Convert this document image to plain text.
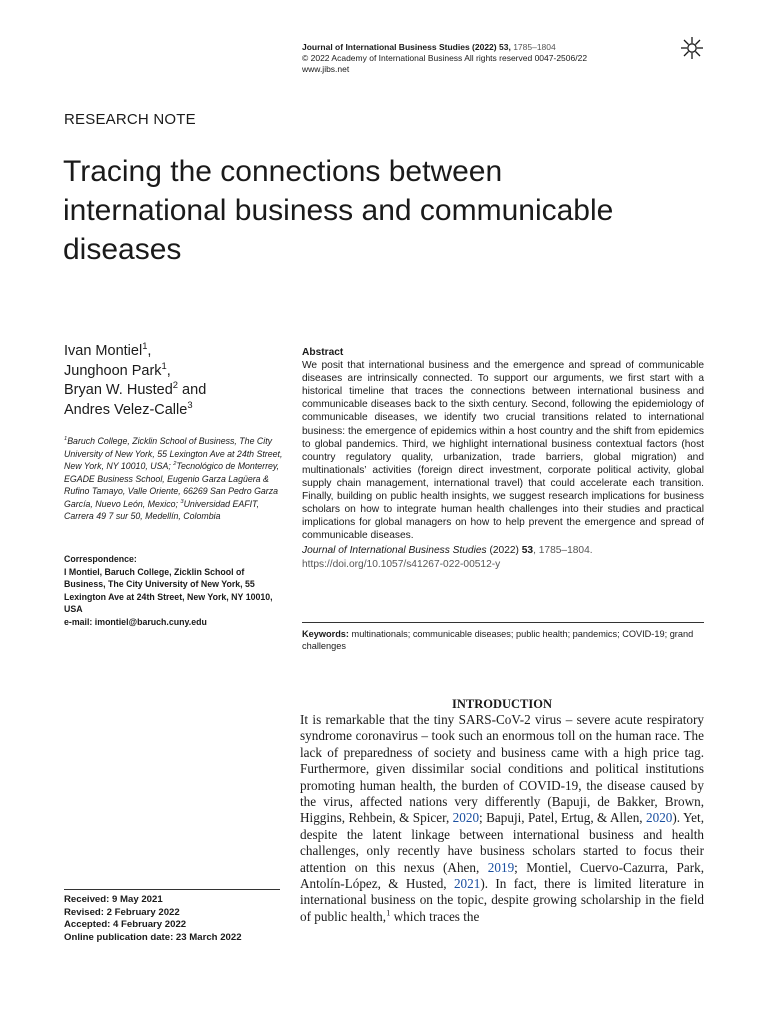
Journal of International Business Studies (2022) 53, 1785–1804
© 2022 Academy of International Business All rights reserved 0047-2506/22
www.jibs.net
RESEARCH NOTE
Tracing the connections between international business and communicable diseases
Ivan Montiel$^1$,
Junghoon Park$^1$,
Bryan W. Husted$^2$ and
Andres Velez-Calle$^3$
$^1$Baruch College, Zicklin School of Business, The City University of New York, 55 Lexington Ave at 24th Street, New York, NY 10010, USA; $^2$Tecnológico de Monterrey, EGADE Business School, Eugenio Garza Lagüera & Rufino Tamayo, Valle Oriente, 66269 San Pedro Garza García, Nuevo León, Mexico; $^3$Universidad EAFIT, Carrera 49 7 sur 50, Medellín, Colombia
Correspondence:
I Montiel, Baruch College, Zicklin School of Business, The City University of New York, 55 Lexington Ave at 24th Street, New York, NY 10010, USA
e-mail: imontiel@baruch.cuny.edu
Abstract

We posit that international business and the emergence and spread of communicable diseases are intrinsically connected. To support our arguments, we first start with a historical timeline that traces the connections between international business and communicable diseases back to the sixth century. Second, following the epidemiology of communicable diseases, we identify two crucial transitions related to international business: the emergence of epidemics within a host country and the shift from epidemics to global pandemics. Third, we highlight international business contextual factors (host country regulatory quality, urbanization, trade barriers, global migration) and multinationals’ activities (foreign direct investment, corporate political activity, global supply chain management, international travel) that could accelerate each transition. Finally, building on public health insights, we suggest research implications for business scholars on how to integrate human health challenges into their studies and practical implications for global managers on how to help prevent the emergence and spread of communicable diseases.

Journal of International Business Studies (2022) 53, 1785–1804.
https://doi.org/10.1057/s41267-022-00512-y
Keywords: multinationals; communicable diseases; public health; pandemics; COVID-19; grand challenges
INTRODUCTION

It is remarkable that the tiny SARS-CoV-2 virus – severe acute respiratory syndrome coronavirus – took such an enormous toll on the human race. The lack of preparedness of society and business came with a high price tag. Furthermore, given dissimilar social conditions and political institutions promoting human health, the burden of COVID-19, the disease caused by the virus, affected nations very differently (Bapuji, de Bakker, Brown, Higgins, Rehbein, & Spicer, 2020; Bapuji, Patel, Ertug, & Allen, 2020). Yet, despite the latent linkage between international business and health challenges, only recently have business scholars started to focus their attention on this nexus (Ahen, 2019; Montiel, Cuervo-Cazurra, Park, Antolín-López, & Husted, 2021). In fact, there is limited literature in international business on the topic, despite growing scholarship in the field of public health,$^1$ which traces the

Received: 9 May 2021
Revised: 2 February 2022
Accepted: 4 February 2022
Online publication date: 23 March 2022
